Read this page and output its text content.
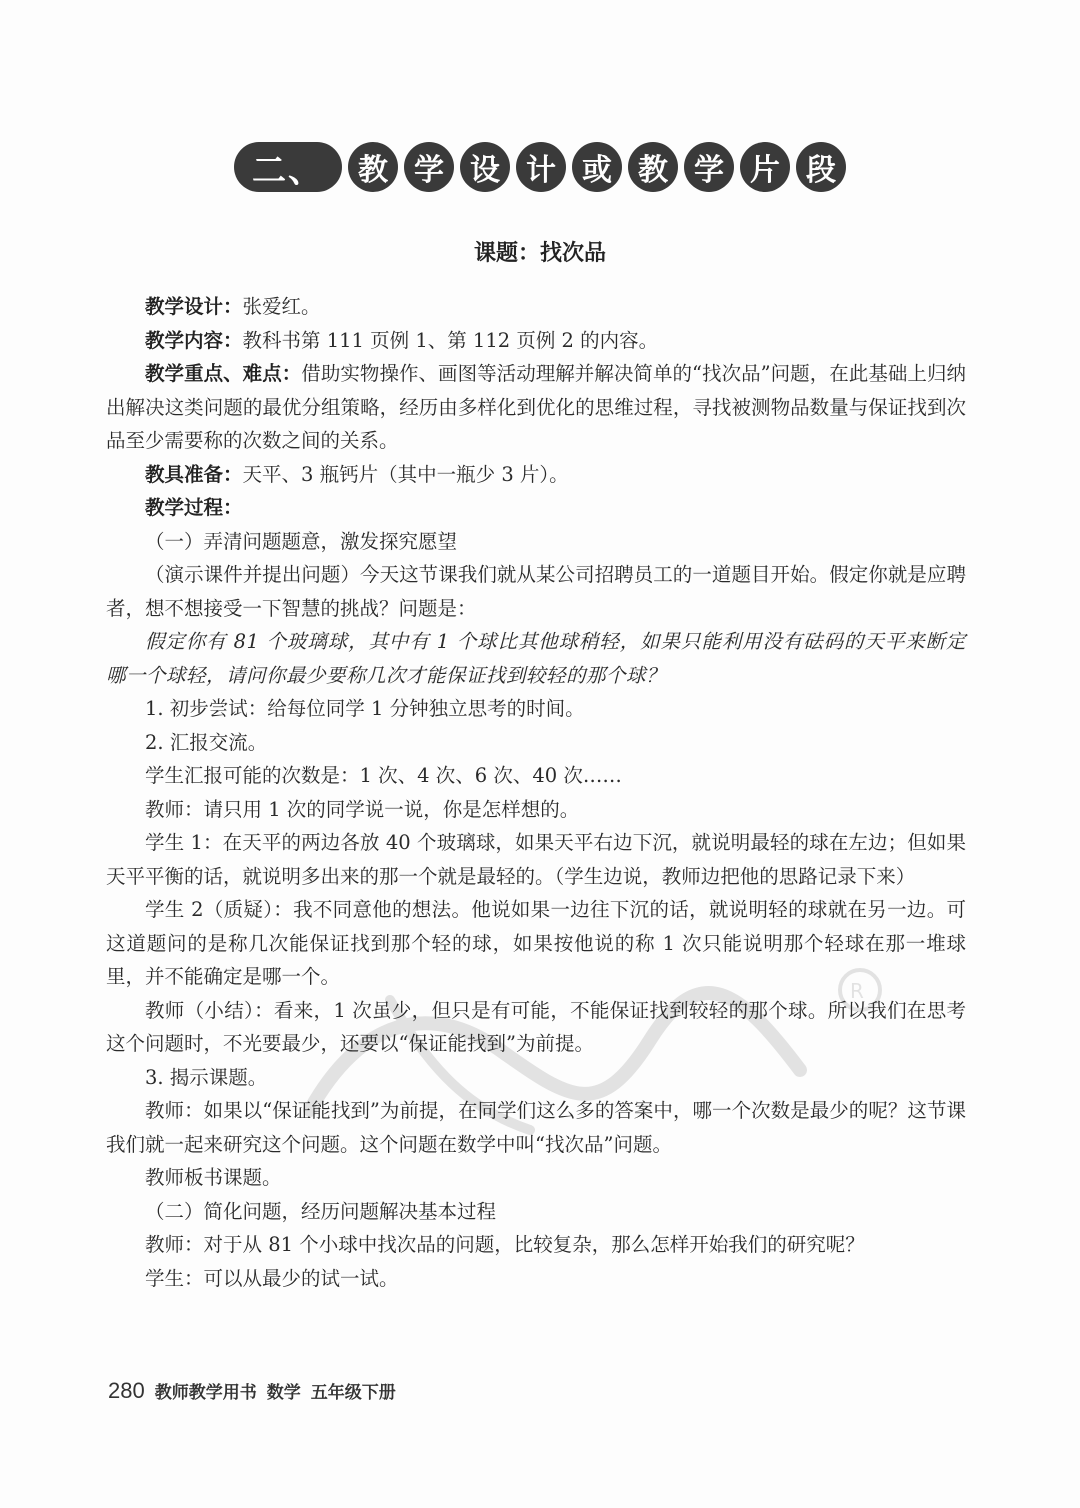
二、	教 学 设 计 或 教 学 片 段
课题：找次品
R

教学设计：张爱红。

教学内容：教科书第 111 页例 1、第 112 页例 2 的内容。

教学重点、难点：借助实物操作、画图等活动理解并解决简单的“找次品”问题，在此基础上归纳出解决这类问题的最优分组策略，经历由多样化到优化的思维过程，寻找被测物品数量与保证找到次品至少需要称的次数之间的关系。

教具准备：天平、3 瓶钙片（其中一瓶少 3 片）。

教学过程：

（一）弄清问题题意，激发探究愿望

（演示课件并提出问题）今天这节课我们就从某公司招聘员工的一道题目开始。假定你就是应聘者，想不想接受一下智慧的挑战？问题是：

假定你有 81 个玻璃球，其中有 1 个球比其他球稍轻，如果只能利用没有砝码的天平来断定哪一个球轻，请问你最少要称几次才能保证找到较轻的那个球？

1. 初步尝试：给每位同学 1 分钟独立思考的时间。

2. 汇报交流。

学生汇报可能的次数是：1 次、4 次、6 次、40 次……

教师：请只用 1 次的同学说一说，你是怎样想的。

学生 1：在天平的两边各放 40 个玻璃球，如果天平右边下沉，就说明最轻的球在左边；但如果天平平衡的话，就说明多出来的那一个就是最轻的。（学生边说，教师边把他的思路记录下来）

学生 2（质疑）：我不同意他的想法。他说如果一边往下沉的话，就说明轻的球就在另一边。可这道题问的是称几次能保证找到那个轻的球，如果按他说的称 1 次只能说明那个轻球在那一堆球里，并不能确定是哪一个。

教师（小结）：看来，1 次虽少，但只是有可能，不能保证找到较轻的那个球。所以我们在思考这个问题时，不光要最少，还要以“保证能找到”为前提。

3. 揭示课题。

教师：如果以“保证能找到”为前提，在同学们这么多的答案中，哪一个次数是最少的呢？这节课我们就一起来研究这个问题。这个问题在数学中叫“找次品”问题。

教师板书课题。

（二）简化问题，经历问题解决基本过程

教师：对于从 81 个小球中找次品的问题，比较复杂，那么怎样开始我们的研究呢？

学生：可以从最少的试一试。

280 教师教学用书 数学 五年级下册
